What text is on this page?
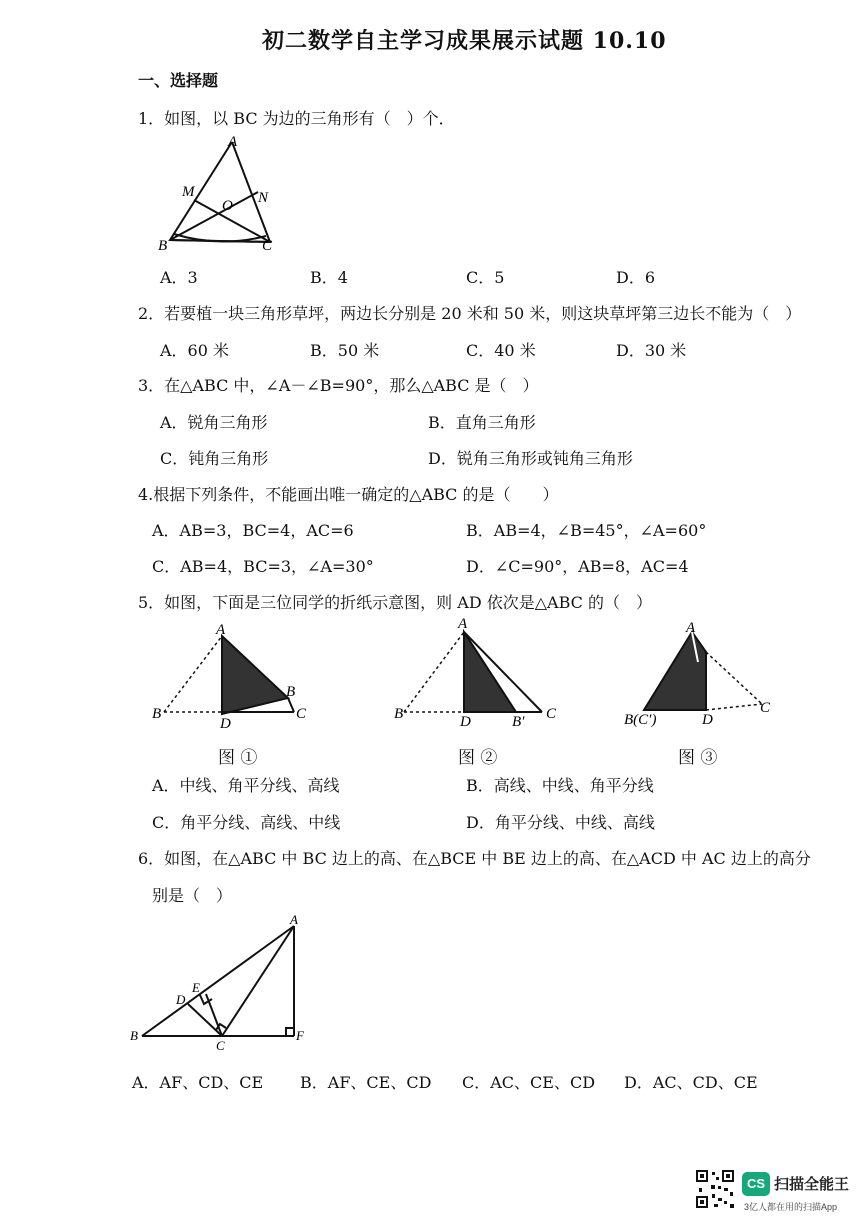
初二数学自主学习成果展示试题 10.10
一、选择题
1．如图，以 BC 为边的三角形有（　）个．
A
M
O N
B	C
A．3	B．4	C．5	D．6
2．若要植一块三角形草坪，两边长分别是 20 米和 50 米，则这块草坪第三边长不能为（　）
A．60 米	B．50 米	C．40 米	D．30 米
3．在△ABC 中，∠A－∠B=90°，那么△ABC 是（　）
A．锐角三角形	B．直角三角形
C．钝角三角形	D．锐角三角形或钝角三角形
4.根据下列条件，不能画出唯一确定的△ABC 的是（　　）
A．AB=3，BC=4，AC=6	B．AB=4，∠B=45°，∠A=60°
C．AB=4，BC=3，∠A=30°	D．∠C=90°，AB=8，AC=4
5．如图，下面是三位同学的折纸示意图，则 AD 依次是△ABC 的（　）
A
B
B
D
C
A
B	D	B′ C
A
B(C′)	D
C
图 ①	图 ②	图 ③
A．中线、角平分线、高线	B．高线、中线、角平分线
C．角平分线、高线、中线	D．角平分线、中线、高线
6．如图，在△ABC 中 BC 边上的高、在△BCE 中 BE 边上的高、在△ACD 中 AC 边上的高分
别是（　）
A
E
D
B
C
F
A．AF、CD、CE B．AF、CE、CD C．AC、CE、CD D．AC、CD、CE
CS 扫描全能王
3亿人都在用的扫描App
